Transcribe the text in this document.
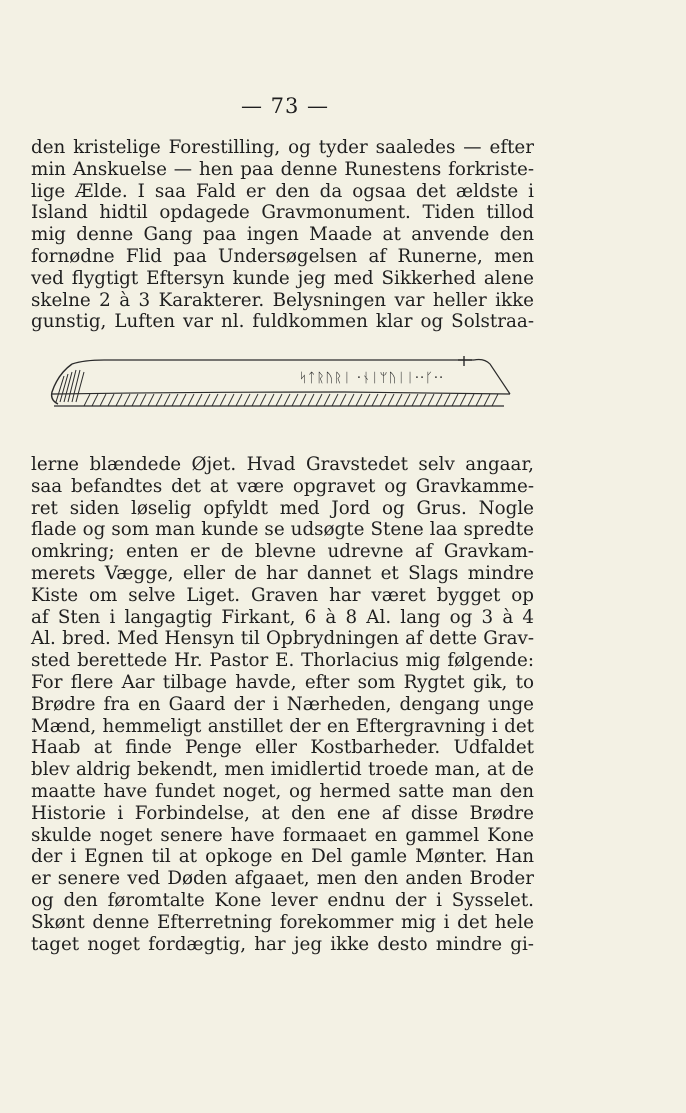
— 73 —
den kristelige Forestilling, og tyder saaledes — efter
min Anskuelse — hen paa denne Runestens forkriste-
lige Ælde. I saa Fald er den da ogsaa det ældste i
Island hidtil opdagede Gravmonument. Tiden tillod
mig denne Gang paa ingen Maade at anvende den
fornødne Flid paa Undersøgelsen af Runerne, men
ved flygtigt Eftersyn kunde jeg med Sikkerhed alene
skelne 2 à 3 Karakterer. Belysningen var heller ikke
gunstig, Luften var nl. fuldkommen klar og Solstraa-
ᛋᛏᚱᚢᚱᛁ ·ᚾᛁᛘᚢᛁᛁ··ᚴ··
lerne blændede Øjet. Hvad Gravstedet selv angaar,
saa befandtes det at være opgravet og Gravkamme-
ret siden løselig opfyldt med Jord og Grus. Nogle
flade og som man kunde se udsøgte Stene laa spredte
omkring; enten er de blevne udrevne af Gravkam-
merets Vægge, eller de har dannet et Slags mindre
Kiste om selve Liget. Graven har været bygget op
af Sten i langagtig Firkant, 6 à 8 Al. lang og 3 à 4
Al. bred. Med Hensyn til Opbrydningen af dette Grav-
sted berettede Hr. Pastor E. Thorlacius mig følgende:
For flere Aar tilbage havde, efter som Rygtet gik, to
Brødre fra en Gaard der i Nærheden, dengang unge
Mænd, hemmeligt anstillet der en Eftergravning i det
Haab at finde Penge eller Kostbarheder. Udfaldet
blev aldrig bekendt, men imidlertid troede man, at de
maatte have fundet noget, og hermed satte man den
Historie i Forbindelse, at den ene af disse Brødre
skulde noget senere have formaaet en gammel Kone
der i Egnen til at opkoge en Del gamle Mønter. Han
er senere ved Døden afgaaet, men den anden Broder
og den føromtalte Kone lever endnu der i Sysselet.
Skønt denne Efterretning forekommer mig i det hele
taget noget fordægtig, har jeg ikke desto mindre gi-
